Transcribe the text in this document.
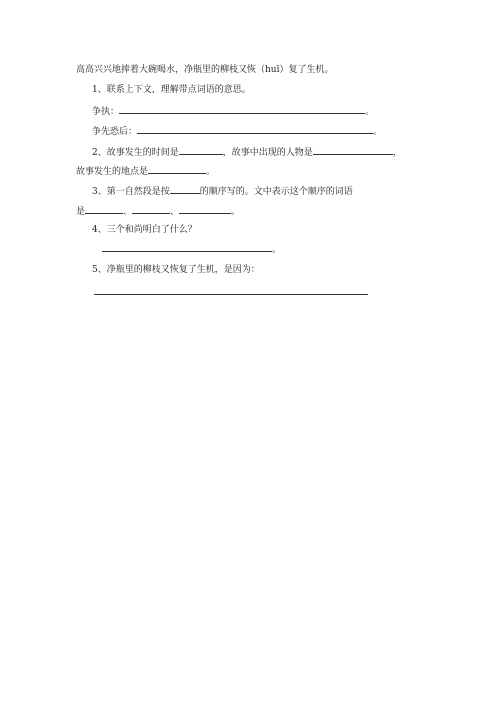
高高兴兴地捧着大碗喝水，净瓶里的柳枝又恢（huī）复了生机。
1、联系上下文，理解带点词语的意思。
争执：	。
争先恐后：	。
2、故事发生的时间是	，故事中出现的人物是	，
故事发生的地点是	。
3、第一自然段是按	的顺序写的。文中表示这个顺序的词语
是	、	、	。
4、三个和尚明白了什么？
。
5、净瓶里的柳枝又恢复了生机，是因为：
